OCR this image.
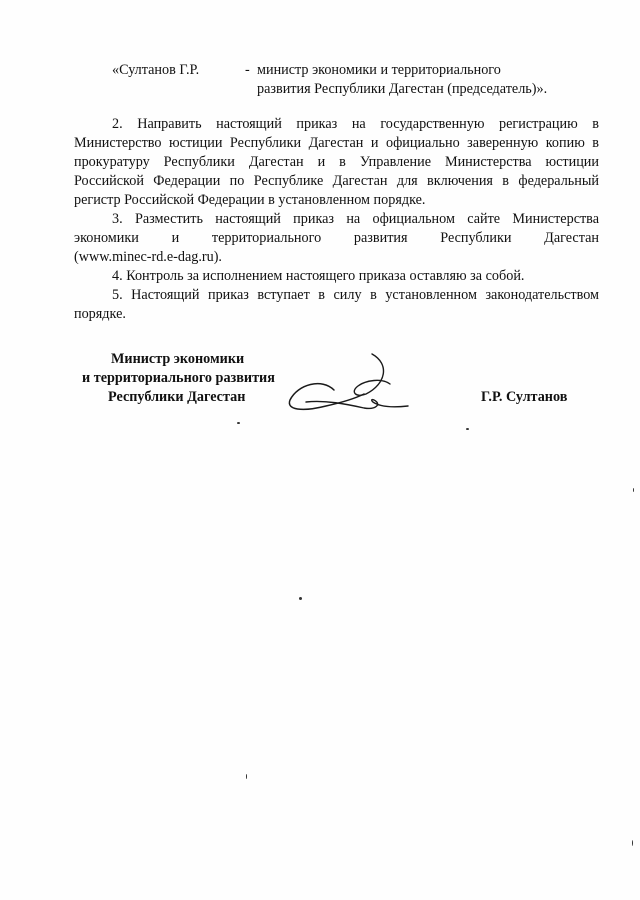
«Султанов Г.Р.	- министр экономики и территориального

развития Республики Дагестан (председатель)».

2. Направить настоящий приказ на государственную регистрацию в

Министерство юстиции Республики Дагестан и официально заверенную копию в

прокуратуру Республики Дагестан и в Управление Министерства юстиции

Российской Федерации по Республике Дагестан для включения в федеральный

регистр Российской Федерации в установленном порядке.

3. Разместить настоящий приказ на официальном сайте Министерства

экономики и территориального развития Республики Дагестан

(www.minec-rd.e-dag.ru).

4. Контроль за исполнением настоящего приказа оставляю за собой.

5. Настоящий приказ вступает в силу в установленном законодательством

порядке.

Министр экономики

и территориального развития

Республики Дагестан	Г.Р. Султанов
